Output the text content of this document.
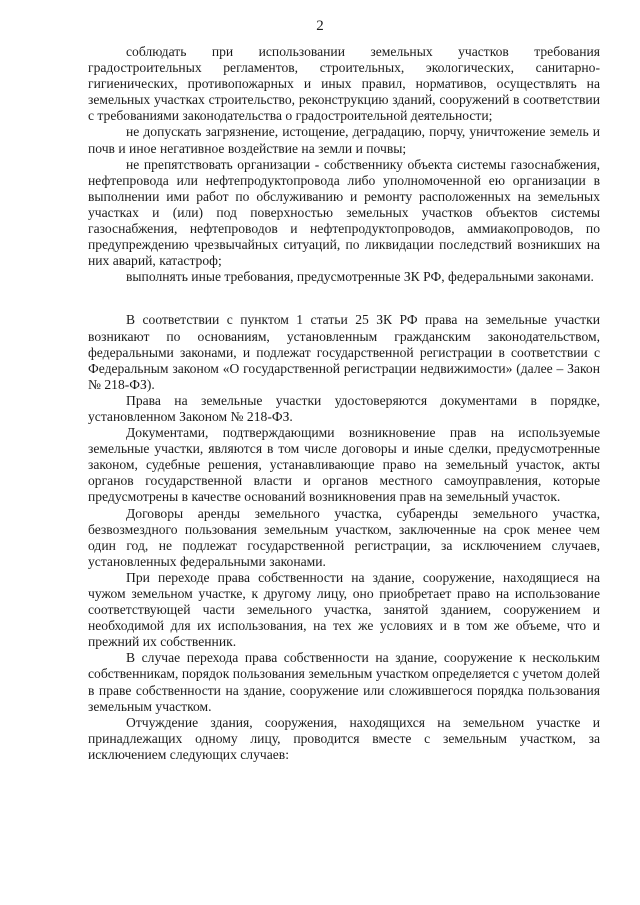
2

соблюдать при использовании земельных участков требования градостроительных регламентов, строительных, экологических, санитарно-гигиенических, противопожарных и иных правил, нормативов, осуществлять на земельных участках строительство, реконструкцию зданий, сооружений в соответствии с требованиями законодательства о градостроительной деятельности;

не допускать загрязнение, истощение, деградацию, порчу, уничтожение земель и почв и иное негативное воздействие на земли и почвы;

не препятствовать организации - собственнику объекта системы газоснабжения, нефтепровода или нефтепродуктопровода либо уполномоченной ею организации в выполнении ими работ по обслуживанию и ремонту расположенных на земельных участках и (или) под поверхностью земельных участков объектов системы газоснабжения, нефтепроводов и нефтепродуктопроводов, аммиакопроводов, по предупреждению чрезвычайных ситуаций, по ликвидации последствий возникших на них аварий, катастроф;

выполнять иные требования, предусмотренные ЗК РФ, федеральными законами.

В соответствии с пунктом 1 статьи 25 ЗК РФ права на земельные участки возникают по основаниям, установленным гражданским законодательством, федеральными законами, и подлежат государственной регистрации в соответствии с Федеральным законом «О государственной регистрации недвижимости» (далее – Закон № 218-ФЗ).

Права на земельные участки удостоверяются документами в порядке, установленном Законом № 218-ФЗ.

Документами, подтверждающими возникновение прав на используемые земельные участки, являются в том числе договоры и иные сделки, предусмотренные законом, судебные решения, устанавливающие право на земельный участок, акты органов государственной власти и органов местного самоуправления, которые предусмотрены в качестве оснований возникновения прав на земельный участок.

Договоры аренды земельного участка, субаренды земельного участка, безвозмездного пользования земельным участком, заключенные на срок менее чем один год, не подлежат государственной регистрации, за исключением случаев, установленных федеральными законами.

При переходе права собственности на здание, сооружение, находящиеся на чужом земельном участке, к другому лицу, оно приобретает право на использование соответствующей части земельного участка, занятой зданием, сооружением и необходимой для их использования, на тех же условиях и в том же объеме, что и прежний их собственник.

В случае перехода права собственности на здание, сооружение к нескольким собственникам, порядок пользования земельным участком определяется с учетом долей в праве собственности на здание, сооружение или сложившегося порядка пользования земельным участком.

Отчуждение здания, сооружения, находящихся на земельном участке и принадлежащих одному лицу, проводится вместе с земельным участком, за исключением следующих случаев:
